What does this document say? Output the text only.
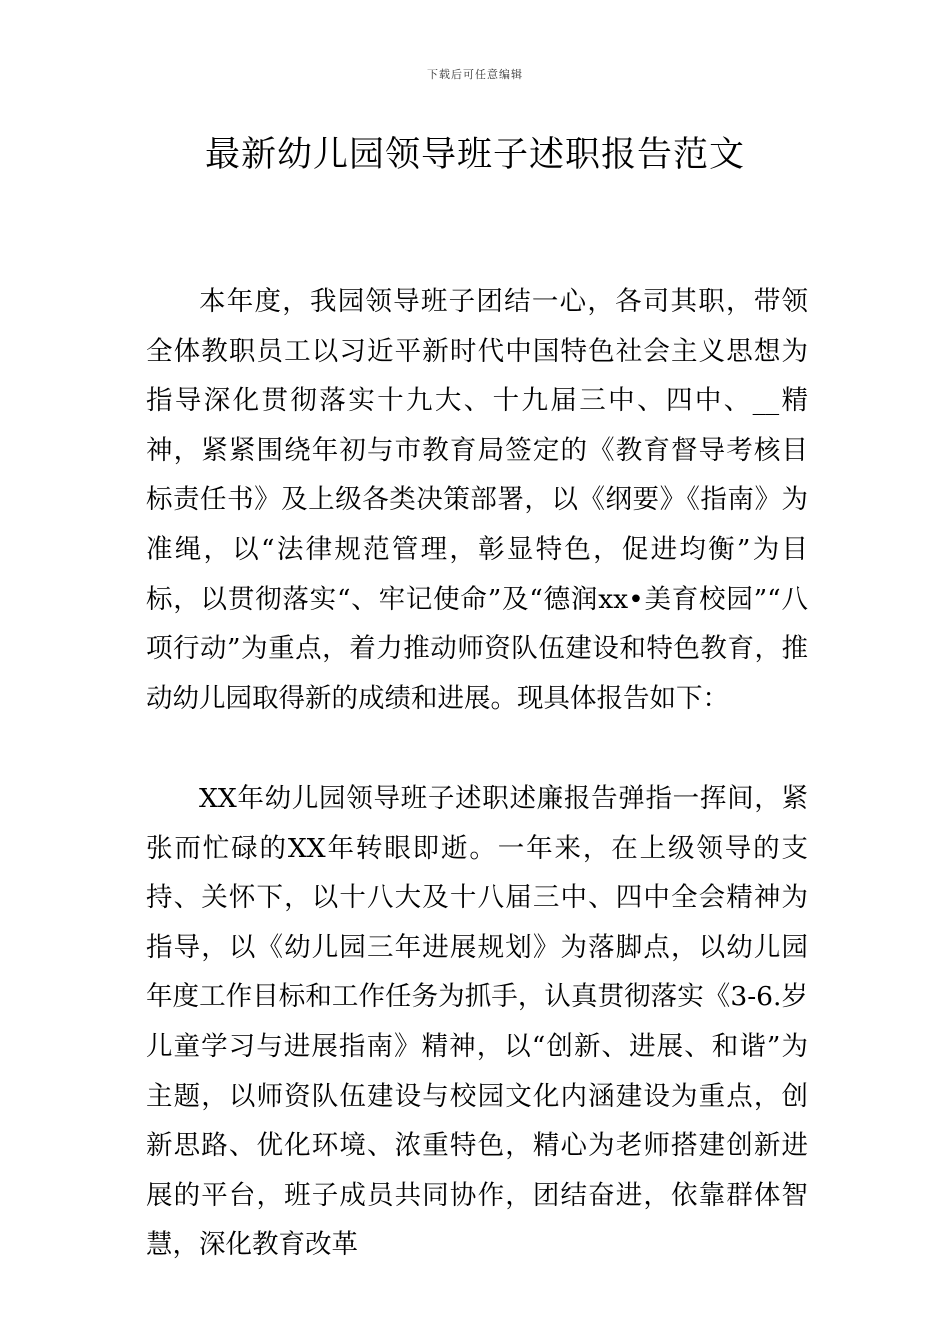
下载后可任意编辑
最新幼儿园领导班子述职报告范文

本年度，我园领导班子团结一心，各司其职，带领全体教职员工以习近平新时代中国特色社会主义思想为指导深化贯彻落实十九大、十九届三中、四中、__精神，紧紧围绕年初与市教育局签定的《教育督导考核目标责任书》及上级各类决策部署，以《纲要》《指南》为准绳，以“法律规范管理，彰显特色，促进均衡”为目标，以贯彻落实“、牢记使命”及“德润xx•美育校园”“八项行动”为重点，着力推动师资队伍建设和特色教育，推动幼儿园取得新的成绩和进展。现具体报告如下：

XX年幼儿园领导班子述职述廉报告弹指一挥间，紧张而忙碌的XX年转眼即逝。一年来，在上级领导的支持、关怀下，以十八大及十八届三中、四中全会精神为指导，以《幼儿园三年进展规划》为落脚点，以幼儿园年度工作目标和工作任务为抓手，认真贯彻落实《3-6.岁儿童学习与进展指南》精神，以“创新、进展、和谐”为主题，以师资队伍建设与校园文化内涵建设为重点，创新思路、优化环境、浓重特色，精心为老师搭建创新进展的平台，班子成员共同协作，团结奋进，依靠群体智慧，深化教育改革
